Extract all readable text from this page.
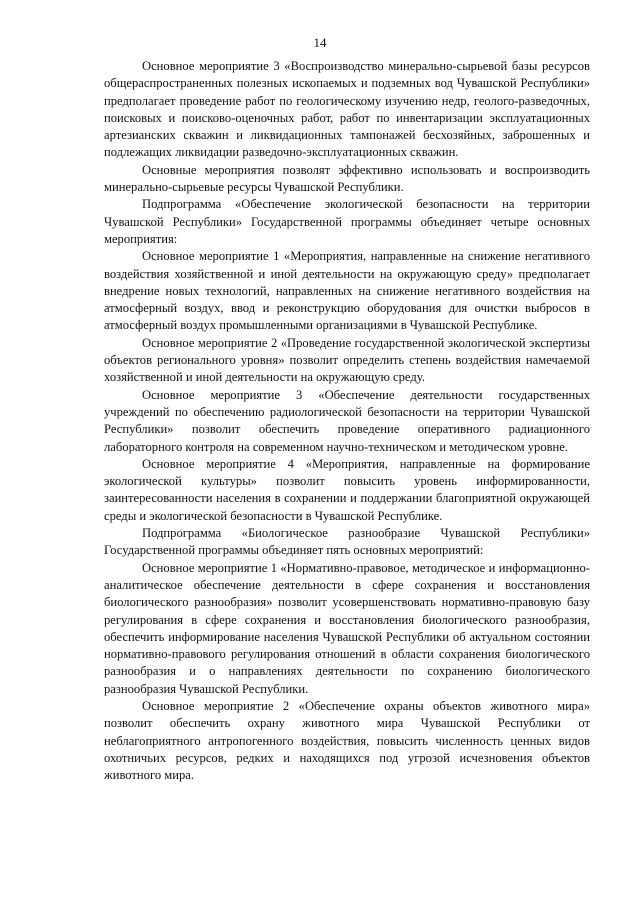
14

Основное мероприятие 3 «Воспроизводство минерально-сырьевой базы ресурсов общераспространенных полезных ископаемых и подземных вод Чувашской Республики» предполагает проведение работ по геологическому изучению недр, геолого-разведочных, поисковых и поисково-оценочных работ, работ по инвентаризации эксплуатационных артезианских скважин и ликвидационных тампонажей бесхозяйных, заброшенных и подлежащих ликвидации разведочно-эксплуатационных скважин.

Основные мероприятия позволят эффективно использовать и воспроизводить минерально-сырьевые ресурсы Чувашской Республики.

Подпрограмма «Обеспечение экологической безопасности на территории Чувашской Республики» Государственной программы объединяет четыре основных мероприятия:

Основное мероприятие 1 «Мероприятия, направленные на снижение негативного воздействия хозяйственной и иной деятельности на окружающую среду» предполагает внедрение новых технологий, направленных на снижение негативного воздействия на атмосферный воздух, ввод и реконструкцию оборудования для очистки выбросов в атмосферный воздух промышленными организациями в Чувашской Республике.

Основное мероприятие 2 «Проведение государственной экологической экспертизы объектов регионального уровня» позволит определить степень воздействия намечаемой хозяйственной и иной деятельности на окружающую среду.

Основное мероприятие 3 «Обеспечение деятельности государственных учреждений по обеспечению радиологической безопасности на территории Чувашской Республики» позволит обеспечить проведение оперативного радиационного лабораторного контроля на современном научно-техническом и методическом уровне.

Основное мероприятие 4 «Мероприятия, направленные на формирование экологической культуры» позволит повысить уровень информированности, заинтересованности населения в сохранении и поддержании благоприятной окружающей среды и экологической безопасности в Чувашской Республике.

Подпрограмма «Биологическое разнообразие Чувашской Республики» Государственной программы объединяет пять основных мероприятий:

Основное мероприятие 1 «Нормативно-правовое, методическое и информационно-аналитическое обеспечение деятельности в сфере сохранения и восстановления биологического разнообразия» позволит усовершенствовать нормативно-правовую базу регулирования в сфере сохранения и восстановления биологического разнообразия, обеспечить информирование населения Чувашской Республики об актуальном состоянии нормативно-правового регулирования отношений в области сохранения биологического разнообразия и о направлениях деятельности по сохранению биологического разнообразия Чувашской Республики.

Основное мероприятие 2 «Обеспечение охраны объектов животного мира» позволит обеспечить охрану животного мира Чувашской Республики от неблагоприятного антропогенного воздействия, повысить численность ценных видов охотничьих ресурсов, редких и находящихся под угрозой исчезновения объектов животного мира.
